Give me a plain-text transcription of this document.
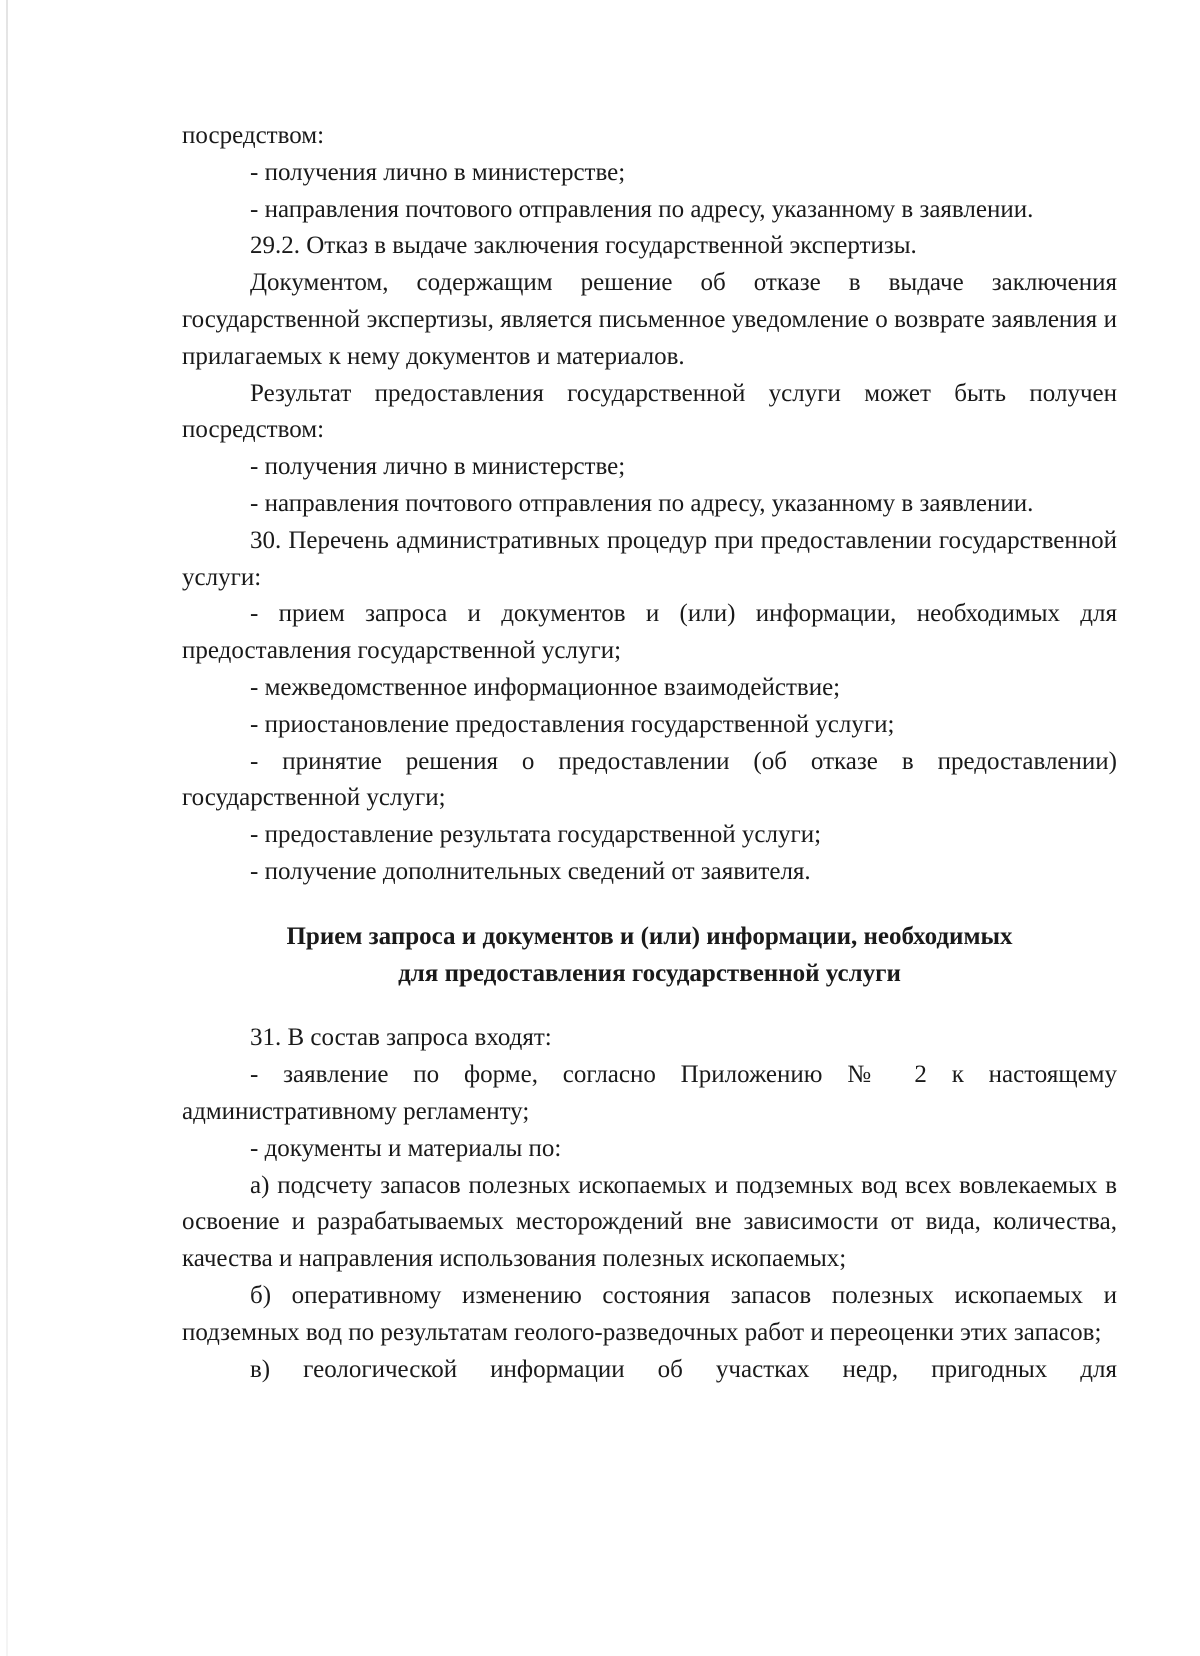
посредством:

- получения лично в министерстве;

- направления почтового отправления по адресу, указанному в заявлении.

29.2. Отказ в выдаче заключения государственной экспертизы.

Документом, содержащим решение об отказе в выдаче заключения государственной экспертизы, является письменное уведомление о возврате заявления и прилагаемых к нему документов и материалов.

Результат предоставления государственной услуги может быть получен посредством:

- получения лично в министерстве;

- направления почтового отправления по адресу, указанному в заявлении.

30. Перечень административных процедур при предоставлении государственной услуги:

- прием запроса и документов и (или) информации, необходимых для предоставления государственной услуги;

- межведомственное информационное взаимодействие;

- приостановление предоставления государственной услуги;

- принятие решения о предоставлении (об отказе в предоставлении) государственной услуги;

- предоставление результата государственной услуги;

- получение дополнительных сведений от заявителя.

Прием запроса и документов и (или) информации, необходимых
для предоставления государственной услуги

31. В состав запроса входят:

- заявление по форме, согласно Приложению № 2 к настоящему административному регламенту;

- документы и материалы по:

а) подсчету запасов полезных ископаемых и подземных вод всех вовлекаемых в освоение и разрабатываемых месторождений вне зависимости от вида, количества, качества и направления использования полезных ископаемых;

б) оперативному изменению состояния запасов полезных ископаемых и подземных вод по результатам геолого-разведочных работ и переоценки этих запасов;

в) геологической информации об участках недр, пригодных для
